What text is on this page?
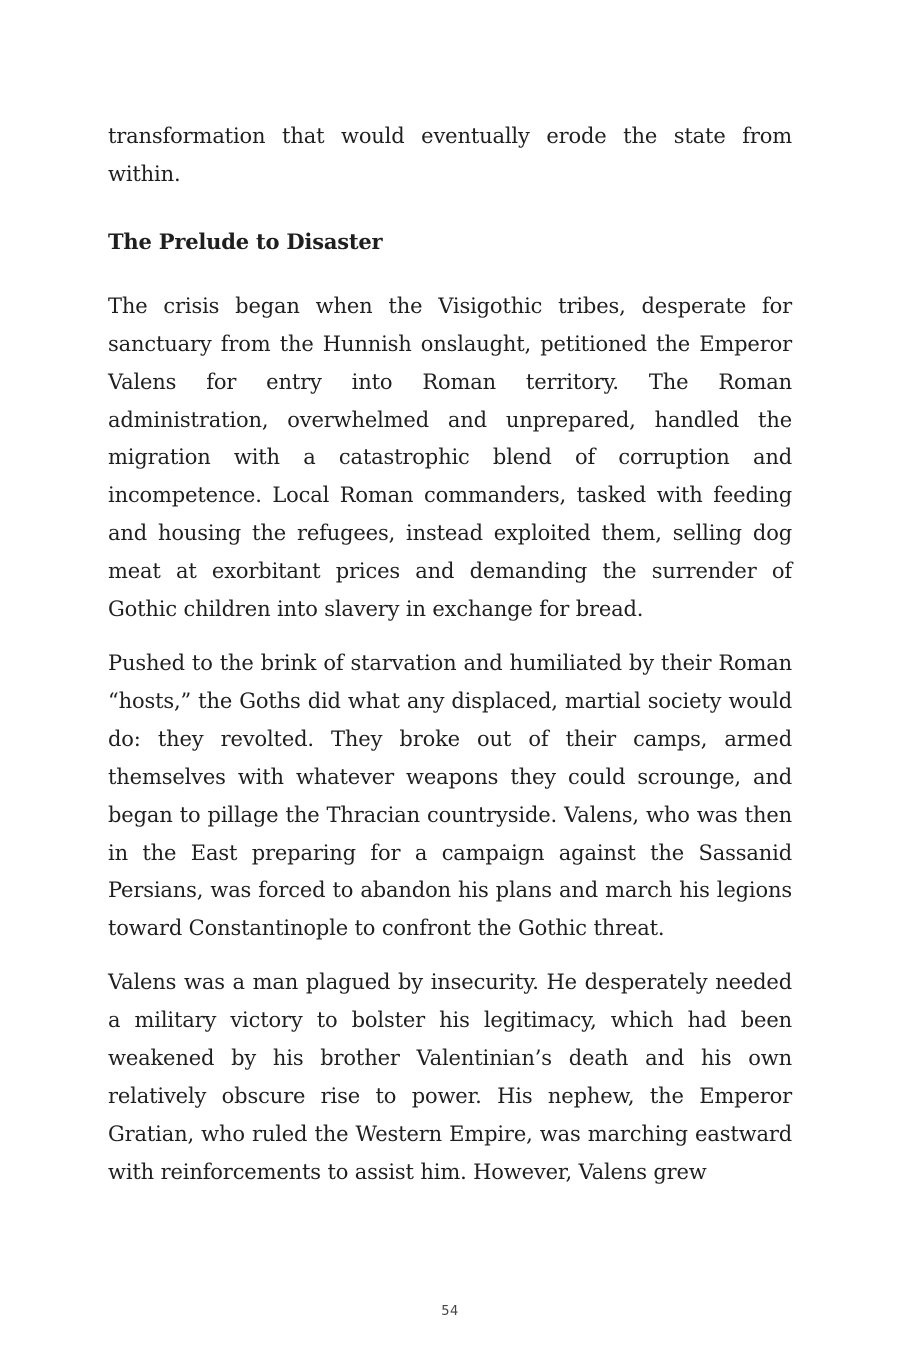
transformation that would eventually erode the state from within.

The Prelude to Disaster

The crisis began when the Visigothic tribes, desperate for sanctuary from the Hunnish onslaught, petitioned the Emperor Valens for entry into Roman territory. The Roman administration, overwhelmed and unprepared, handled the migration with a catastrophic blend of corruption and incompetence. Local Roman commanders, tasked with feeding and housing the refugees, instead exploited them, selling dog meat at exorbitant prices and demanding the surrender of Gothic children into slavery in exchange for bread.

Pushed to the brink of starvation and humiliated by their Roman “hosts,” the Goths did what any displaced, martial society would do: they revolted. They broke out of their camps, armed themselves with whatever weapons they could scrounge, and began to pillage the Thracian countryside. Valens, who was then in the East preparing for a campaign against the Sassanid Persians, was forced to abandon his plans and march his legions toward Constantinople to confront the Gothic threat.

Valens was a man plagued by insecurity. He desperately needed a military victory to bolster his legitimacy, which had been weakened by his brother Valentinian’s death and his own relatively obscure rise to power. His nephew, the Emperor Gratian, who ruled the Western Empire, was marching eastward with reinforcements to assist him. However, Valens grew

54
